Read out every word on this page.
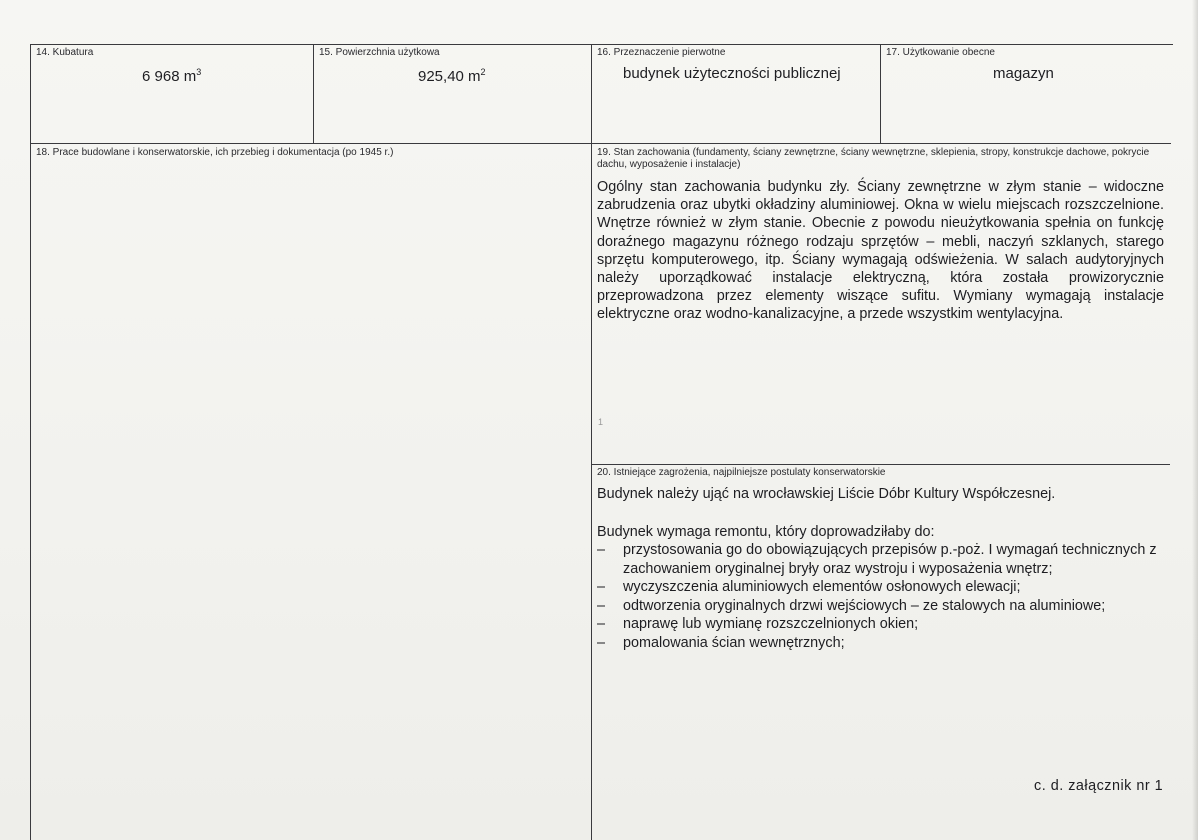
14. Kubatura
6 968 $m^3$
15. Powierzchnia użytkowa
925,40 $m^2$
16. Przeznaczenie pierwotne
budynek użyteczności publicznej
17. Użytkowanie obecne
magazyn
18. Prace budowlane i konserwatorskie, ich przebieg i dokumentacja (po 1945 r.)	19. Stan zachowania (fundamenty, ściany zewnętrzne, ściany wewnętrzne, sklepienia, stropy, konstrukcje dachowe, pokrycie dachu, wyposażenie i instalacje)

Ogólny stan zachowania budynku zły. Ściany zewnętrzne w złym stanie – widoczne zabrudzenia oraz ubytki okładziny aluminiowej. Okna w wielu miejscach rozszczelnione. Wnętrze również w złym stanie. Obecnie z powodu nieużytkowania spełnia on funkcję doraźnego magazynu różnego rodzaju sprzętów – mebli, naczyń szklanych, starego sprzętu komputerowego, itp. Ściany wymagają odświeżenia. W salach audytoryjnych należy uporządkować instalacje elektryczną, która została prowizorycznie przeprowadzona przez elementy wiszące sufitu. Wymiany wymagają instalacje elektryczne oraz wodno-kanalizacyjne, a przede wszystkim wentylacyjna.

1
20. Istniejące zagrożenia, najpilniejsze postulaty konserwatorskie

Budynek należy ująć na wrocławskiej Liście Dóbr Kultury Współczesnej.

Budynek wymaga remontu, który doprowadziłaby do:

– przystosowania go do obowiązujących przepisów p.-poż. I wymagań technicznych z zachowaniem oryginalnej bryły oraz wystroju i wyposażenia wnętrz;
– wyczyszczenia aluminiowych elementów osłonowych elewacji;
– odtworzenia oryginalnych drzwi wejściowych – ze stalowych na aluminiowe;
– naprawę lub wymianę rozszczelnionych okien;
– pomalowania ścian wewnętrznych;
c. d. załącznik nr 1
